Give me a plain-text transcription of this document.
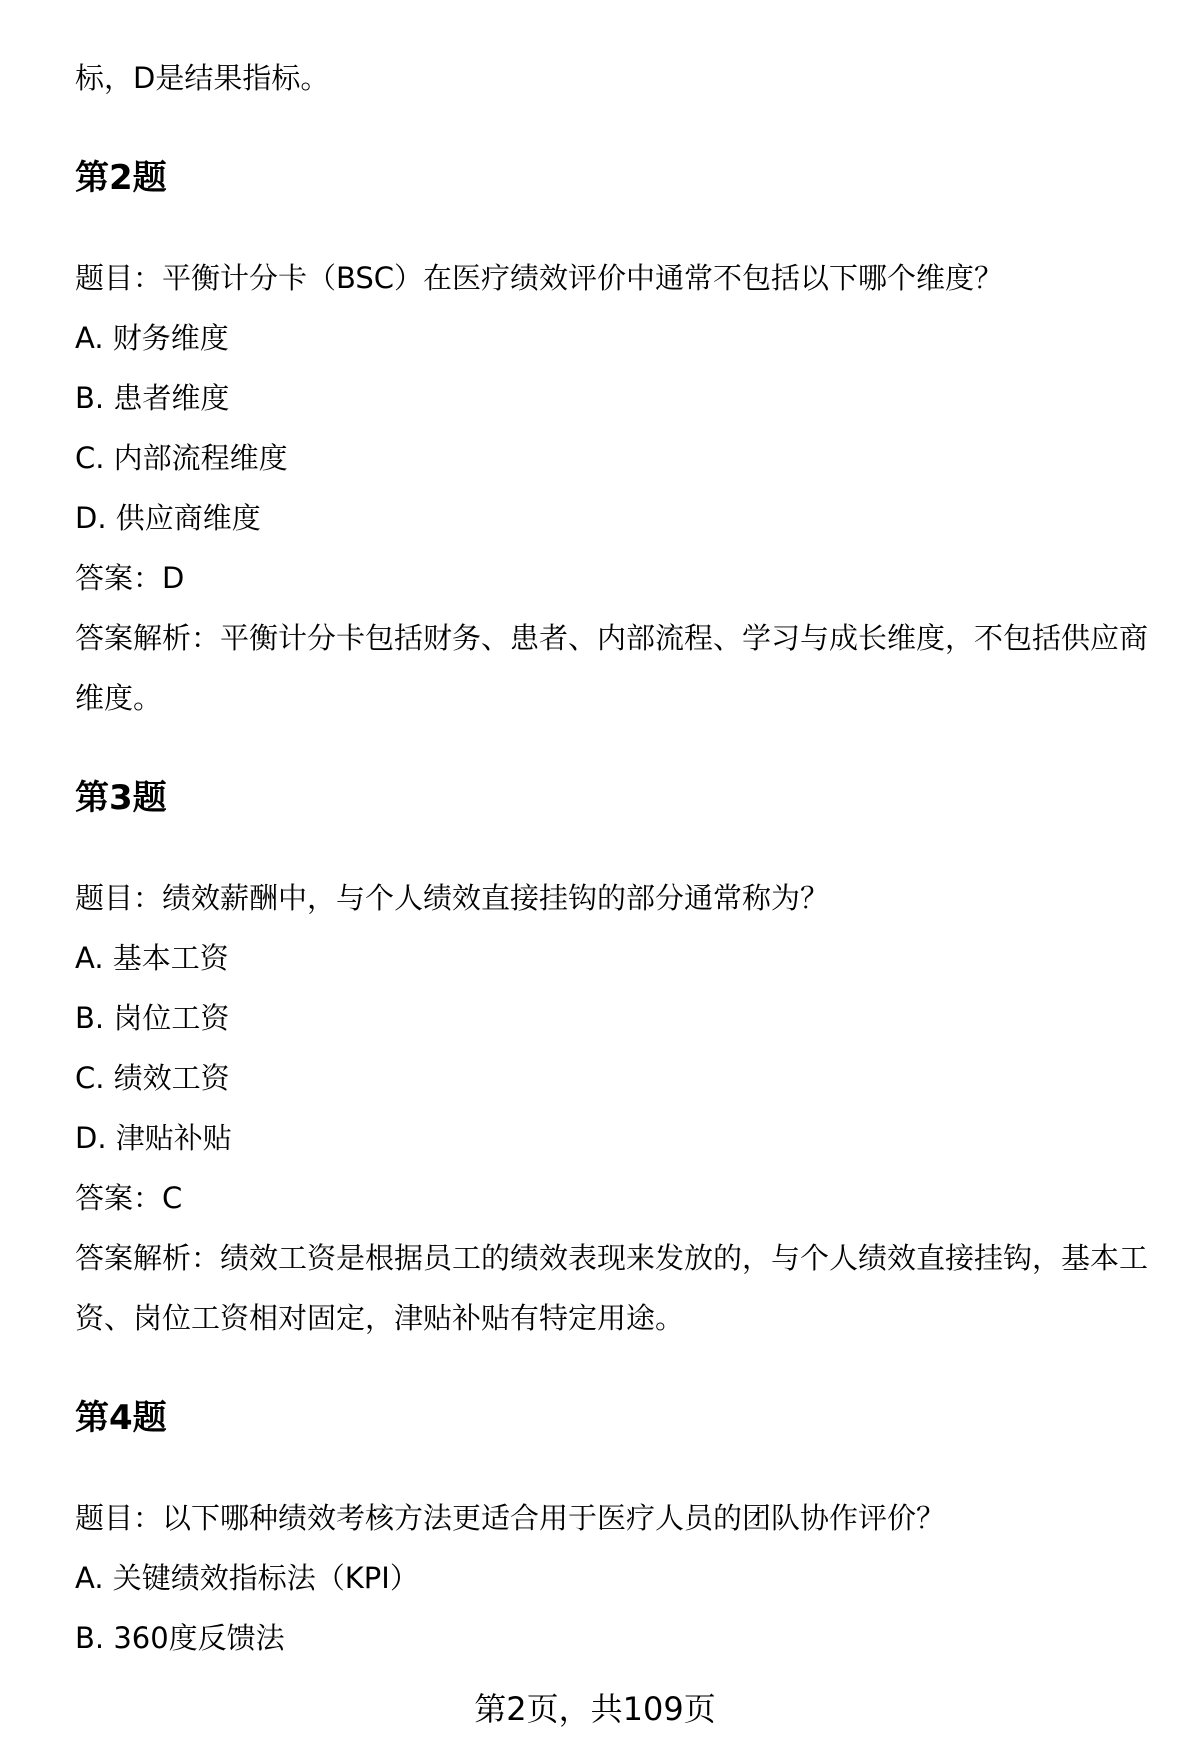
标，D是结果指标。
第2题
题目：平衡计分卡（BSC）在医疗绩效评价中通常不包括以下哪个维度？
A. 财务维度
B. 患者维度
C. 内部流程维度
D. 供应商维度
答案：D
答案解析：平衡计分卡包括财务、患者、内部流程、学习与成长维度，不包括供应商维度。
第3题
题目：绩效薪酬中，与个人绩效直接挂钩的部分通常称为？
A. 基本工资
B. 岗位工资
C. 绩效工资
D. 津贴补贴
答案：C
答案解析：绩效工资是根据员工的绩效表现来发放的，与个人绩效直接挂钩，基本工资、岗位工资相对固定，津贴补贴有特定用途。
第4题
题目：以下哪种绩效考核方法更适合用于医疗人员的团队协作评价？
A. 关键绩效指标法（KPI）
B. 360度反馈法
第2页，共109页
